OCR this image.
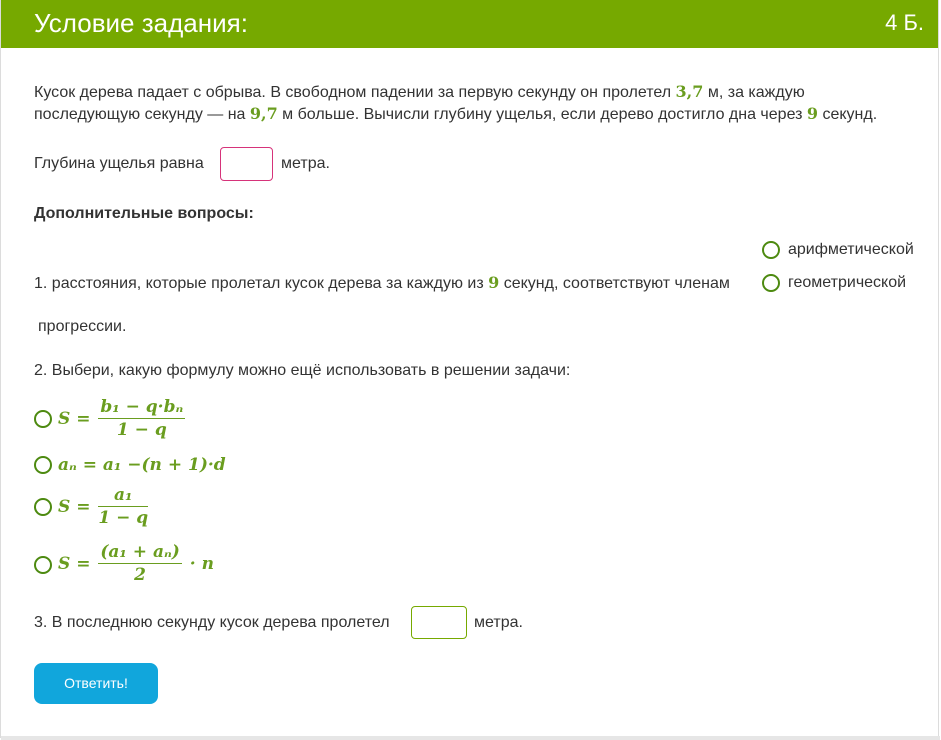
Условие задания:	4 Б.
Кусок дерева падает с обрыва. В свободном падении за первую секунду он пролетел 3,7 м, за каждую
последующую секунду — на 9,7 м больше. Вычисли глубину ущелья, если дерево достигло дна через 9 секунд.
Глубина ущелья равна	метра.
Дополнительные вопросы:
арифметической
1. расстояния, которые пролетал кусок дерева за каждую из 9 секунд, соответствуют членам	геометрической
прогрессии.
2. Выбери, какую формулу можно ещё использовать в решении задачи:
$S = \frac{\text{b₁ − q·bₙ}}{1 - q}$
aₙ = a₁ −(n + 1)·d
$S = \frac{\text{a₁}}{1 - q}$
$S = \frac{\text{(a₁ + aₙ)}}{2} \cdot n$
3. В последнюю секунду кусок дерева пролетел	метра.
Ответить!
